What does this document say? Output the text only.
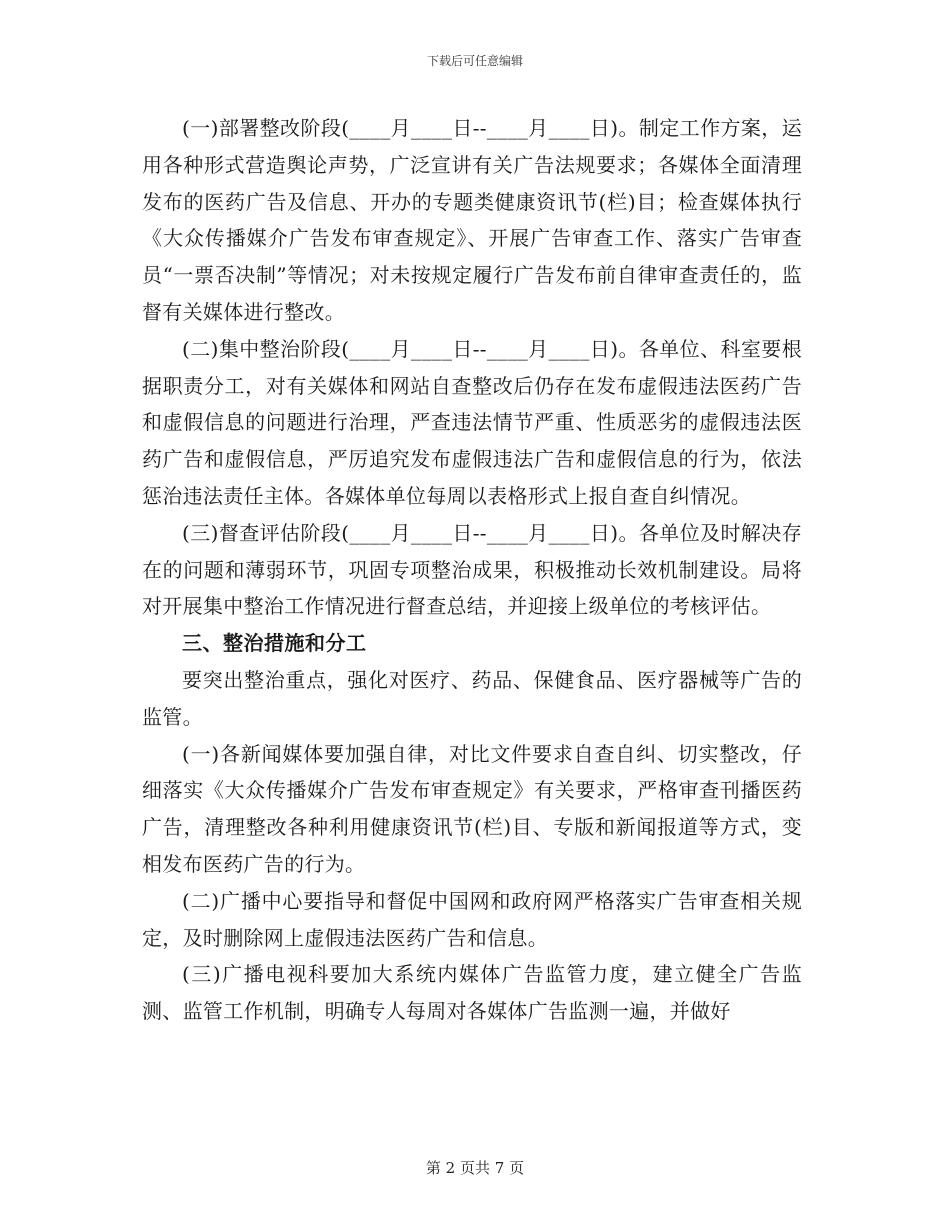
下载后可任意编辑

(一)部署整改阶段(____月____日--____月____日)。制定工作方案，运用各种形式营造舆论声势，广泛宣讲有关广告法规要求；各媒体全面清理发布的医药广告及信息、开办的专题类健康资讯节(栏)目；检查媒体执行《大众传播媒介广告发布审查规定》、开展广告审查工作、落实广告审查员“一票否决制”等情况；对未按规定履行广告发布前自律审查责任的，监督有关媒体进行整改。

(二)集中整治阶段(____月____日--____月____日)。各单位、科室要根据职责分工，对有关媒体和网站自查整改后仍存在发布虚假违法医药广告和虚假信息的问题进行治理，严查违法情节严重、性质恶劣的虚假违法医药广告和虚假信息，严厉追究发布虚假违法广告和虚假信息的行为，依法惩治违法责任主体。各媒体单位每周以表格形式上报自查自纠情况。

(三)督查评估阶段(____月____日--____月____日)。各单位及时解决存在的问题和薄弱环节，巩固专项整治成果，积极推动长效机制建设。局将对开展集中整治工作情况进行督查总结，并迎接上级单位的考核评估。

三、整治措施和分工

要突出整治重点，强化对医疗、药品、保健食品、医疗器械等广告的监管。

(一)各新闻媒体要加强自律，对比文件要求自查自纠、切实整改，仔细落实《大众传播媒介广告发布审查规定》有关要求，严格审查刊播医药广告，清理整改各种利用健康资讯节(栏)目、专版和新闻报道等方式，变相发布医药广告的行为。

(二)广播中心要指导和督促中国网和政府网严格落实广告审查相关规定，及时删除网上虚假违法医药广告和信息。

(三)广播电视科要加大系统内媒体广告监管力度，建立健全广告监测、监管工作机制，明确专人每周对各媒体广告监测一遍，并做好

第 2 页共 7 页
